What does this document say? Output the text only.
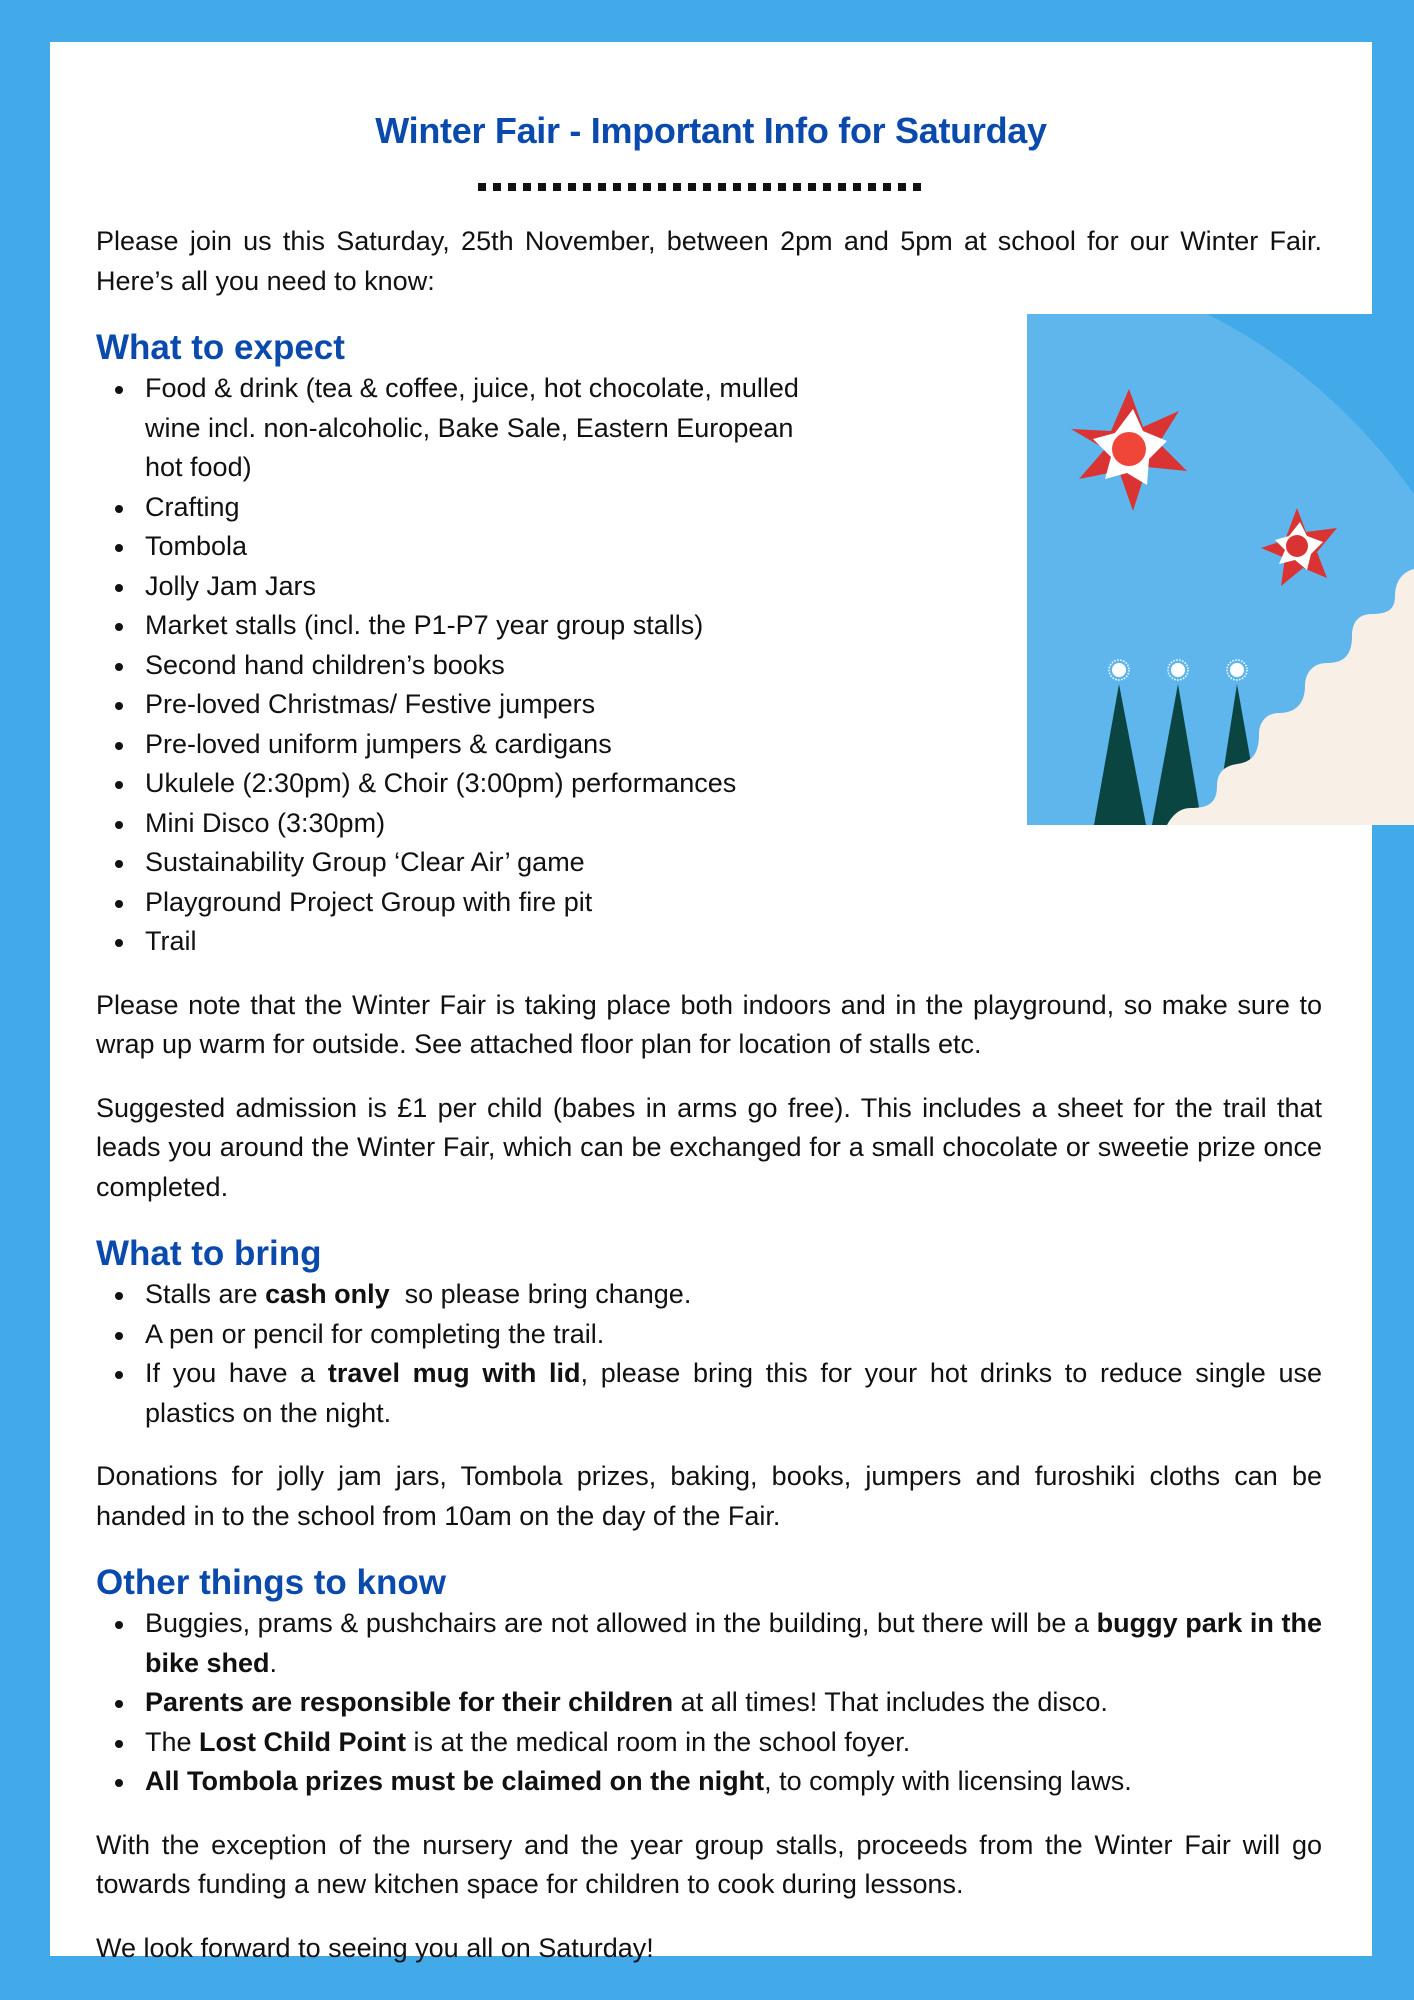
Winter Fair - Important Info for Saturday

Please join us this Saturday, 25th November, between 2pm and 5pm at school for our Winter Fair. Here’s all you need to know:

What to expect
Food & drink (tea & coffee, juice, hot chocolate, mulled wine incl. non-alcoholic, Bake Sale, Eastern European hot food)
Crafting
Tombola
Jolly Jam Jars
Market stalls (incl. the P1-P7 year group stalls)
Second hand children’s books
Pre-loved Christmas/ Festive jumpers
Pre-loved uniform jumpers & cardigans
Ukulele (2:30pm) & Choir (3:00pm) performances
Mini Disco (3:30pm)
Sustainability Group ‘Clear Air’ game
Playground Project Group with fire pit
Trail

Please note that the Winter Fair is taking place both indoors and in the playground, so make sure to wrap up warm for outside. See attached floor plan for location of stalls etc.

Suggested admission is £1 per child (babes in arms go free). This includes a sheet for the trail that leads you around the Winter Fair, which can be exchanged for a small chocolate or sweetie prize once completed.

What to bring
Stalls are cash only  so please bring change.
A pen or pencil for completing the trail.
If you have a travel mug with lid, please bring this for your hot drinks to reduce single use plastics on the night.

Donations for jolly jam jars, Tombola prizes, baking, books, jumpers and furoshiki cloths can be handed in to the school from 10am on the day of the Fair.

Other things to know
Buggies, prams & pushchairs are not allowed in the building, but there will be a buggy park in the bike shed.
Parents are responsible for their children at all times! That includes the disco.
The Lost Child Point is at the medical room in the school foyer.
All Tombola prizes must be claimed on the night, to comply with licensing laws.

With the exception of the nursery and the year group stalls, proceeds from the Winter Fair will go towards funding a new kitchen space for children to cook during lessons.

We look forward to seeing you all on Saturday!
